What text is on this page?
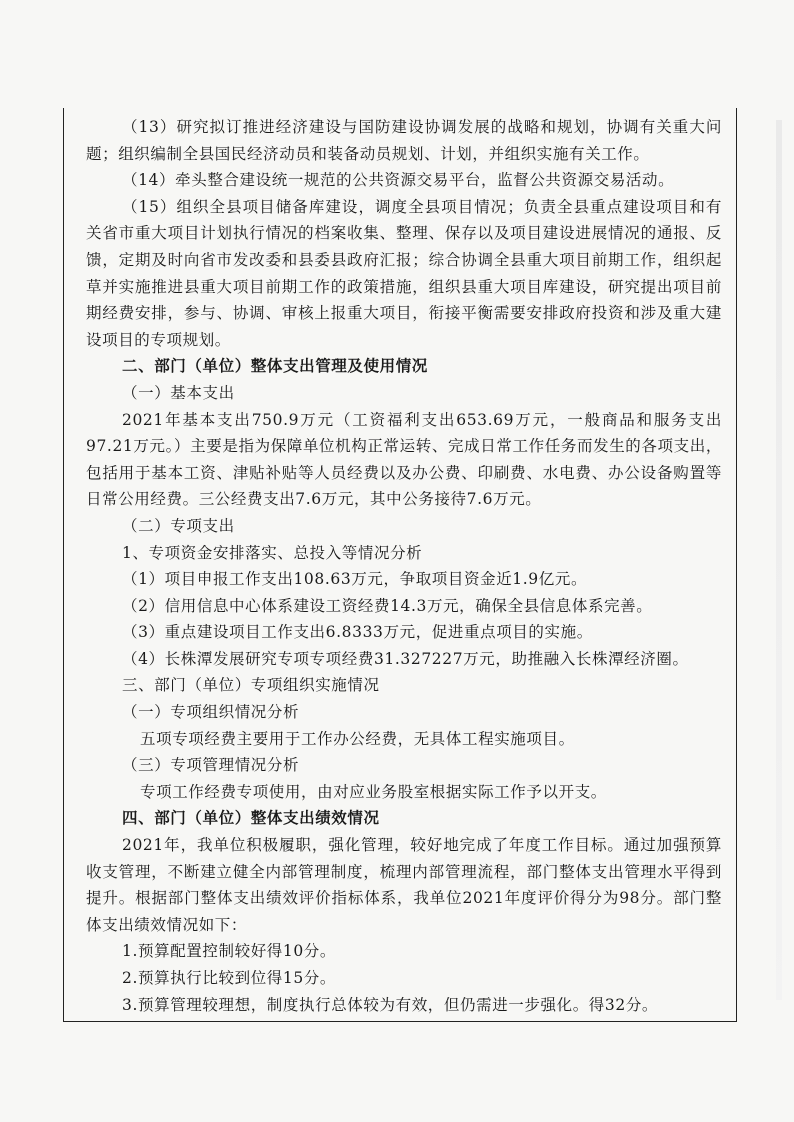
（13）研究拟订推进经济建设与国防建设协调发展的战略和规划，协调有关重大问题；组织编制全县国民经济动员和装备动员规划、计划，并组织实施有关工作。

（14）牵头整合建设统一规范的公共资源交易平台，监督公共资源交易活动。

（15）组织全县项目储备库建设，调度全县项目情况；负责全县重点建设项目和有关省市重大项目计划执行情况的档案收集、整理、保存以及项目建设进展情况的通报、反馈，定期及时向省市发改委和县委县政府汇报；综合协调全县重大项目前期工作，组织起草并实施推进县重大项目前期工作的政策措施，组织县重大项目库建设，研究提出项目前期经费安排，参与、协调、审核上报重大项目，衔接平衡需要安排政府投资和涉及重大建设项目的专项规划。

二、部门（单位）整体支出管理及使用情况

（一）基本支出

2021年基本支出750.9万元（工资福利支出653.69万元，一般商品和服务支出97.21万元。）主要是指为保障单位机构正常运转、完成日常工作任务而发生的各项支出，包括用于基本工资、津贴补贴等人员经费以及办公费、印刷费、水电费、办公设备购置等日常公用经费。三公经费支出7.6万元，其中公务接待7.6万元。

（二）专项支出

1、专项资金安排落实、总投入等情况分析

（1）项目申报工作支出108.63万元，争取项目资金近1.9亿元。

（2）信用信息中心体系建设工资经费14.3万元，确保全县信息体系完善。

（3）重点建设项目工作支出6.8333万元，促进重点项目的实施。

（4）长株潭发展研究专项专项经费31.327227万元，助推融入长株潭经济圈。

三、部门（单位）专项组织实施情况

（一）专项组织情况分析

五项专项经费主要用于工作办公经费，无具体工程实施项目。

（三）专项管理情况分析

专项工作经费专项使用，由对应业务股室根据实际工作予以开支。

四、部门（单位）整体支出绩效情况

2021年，我单位积极履职，强化管理，较好地完成了年度工作目标。通过加强预算收支管理，不断建立健全内部管理制度，梳理内部管理流程，部门整体支出管理水平得到提升。根据部门整体支出绩效评价指标体系，我单位2021年度评价得分为98分。部门整体支出绩效情况如下：

1.预算配置控制较好得10分。

2.预算执行比较到位得15分。

3.预算管理较理想，制度执行总体较为有效，但仍需进一步强化。得32分。
